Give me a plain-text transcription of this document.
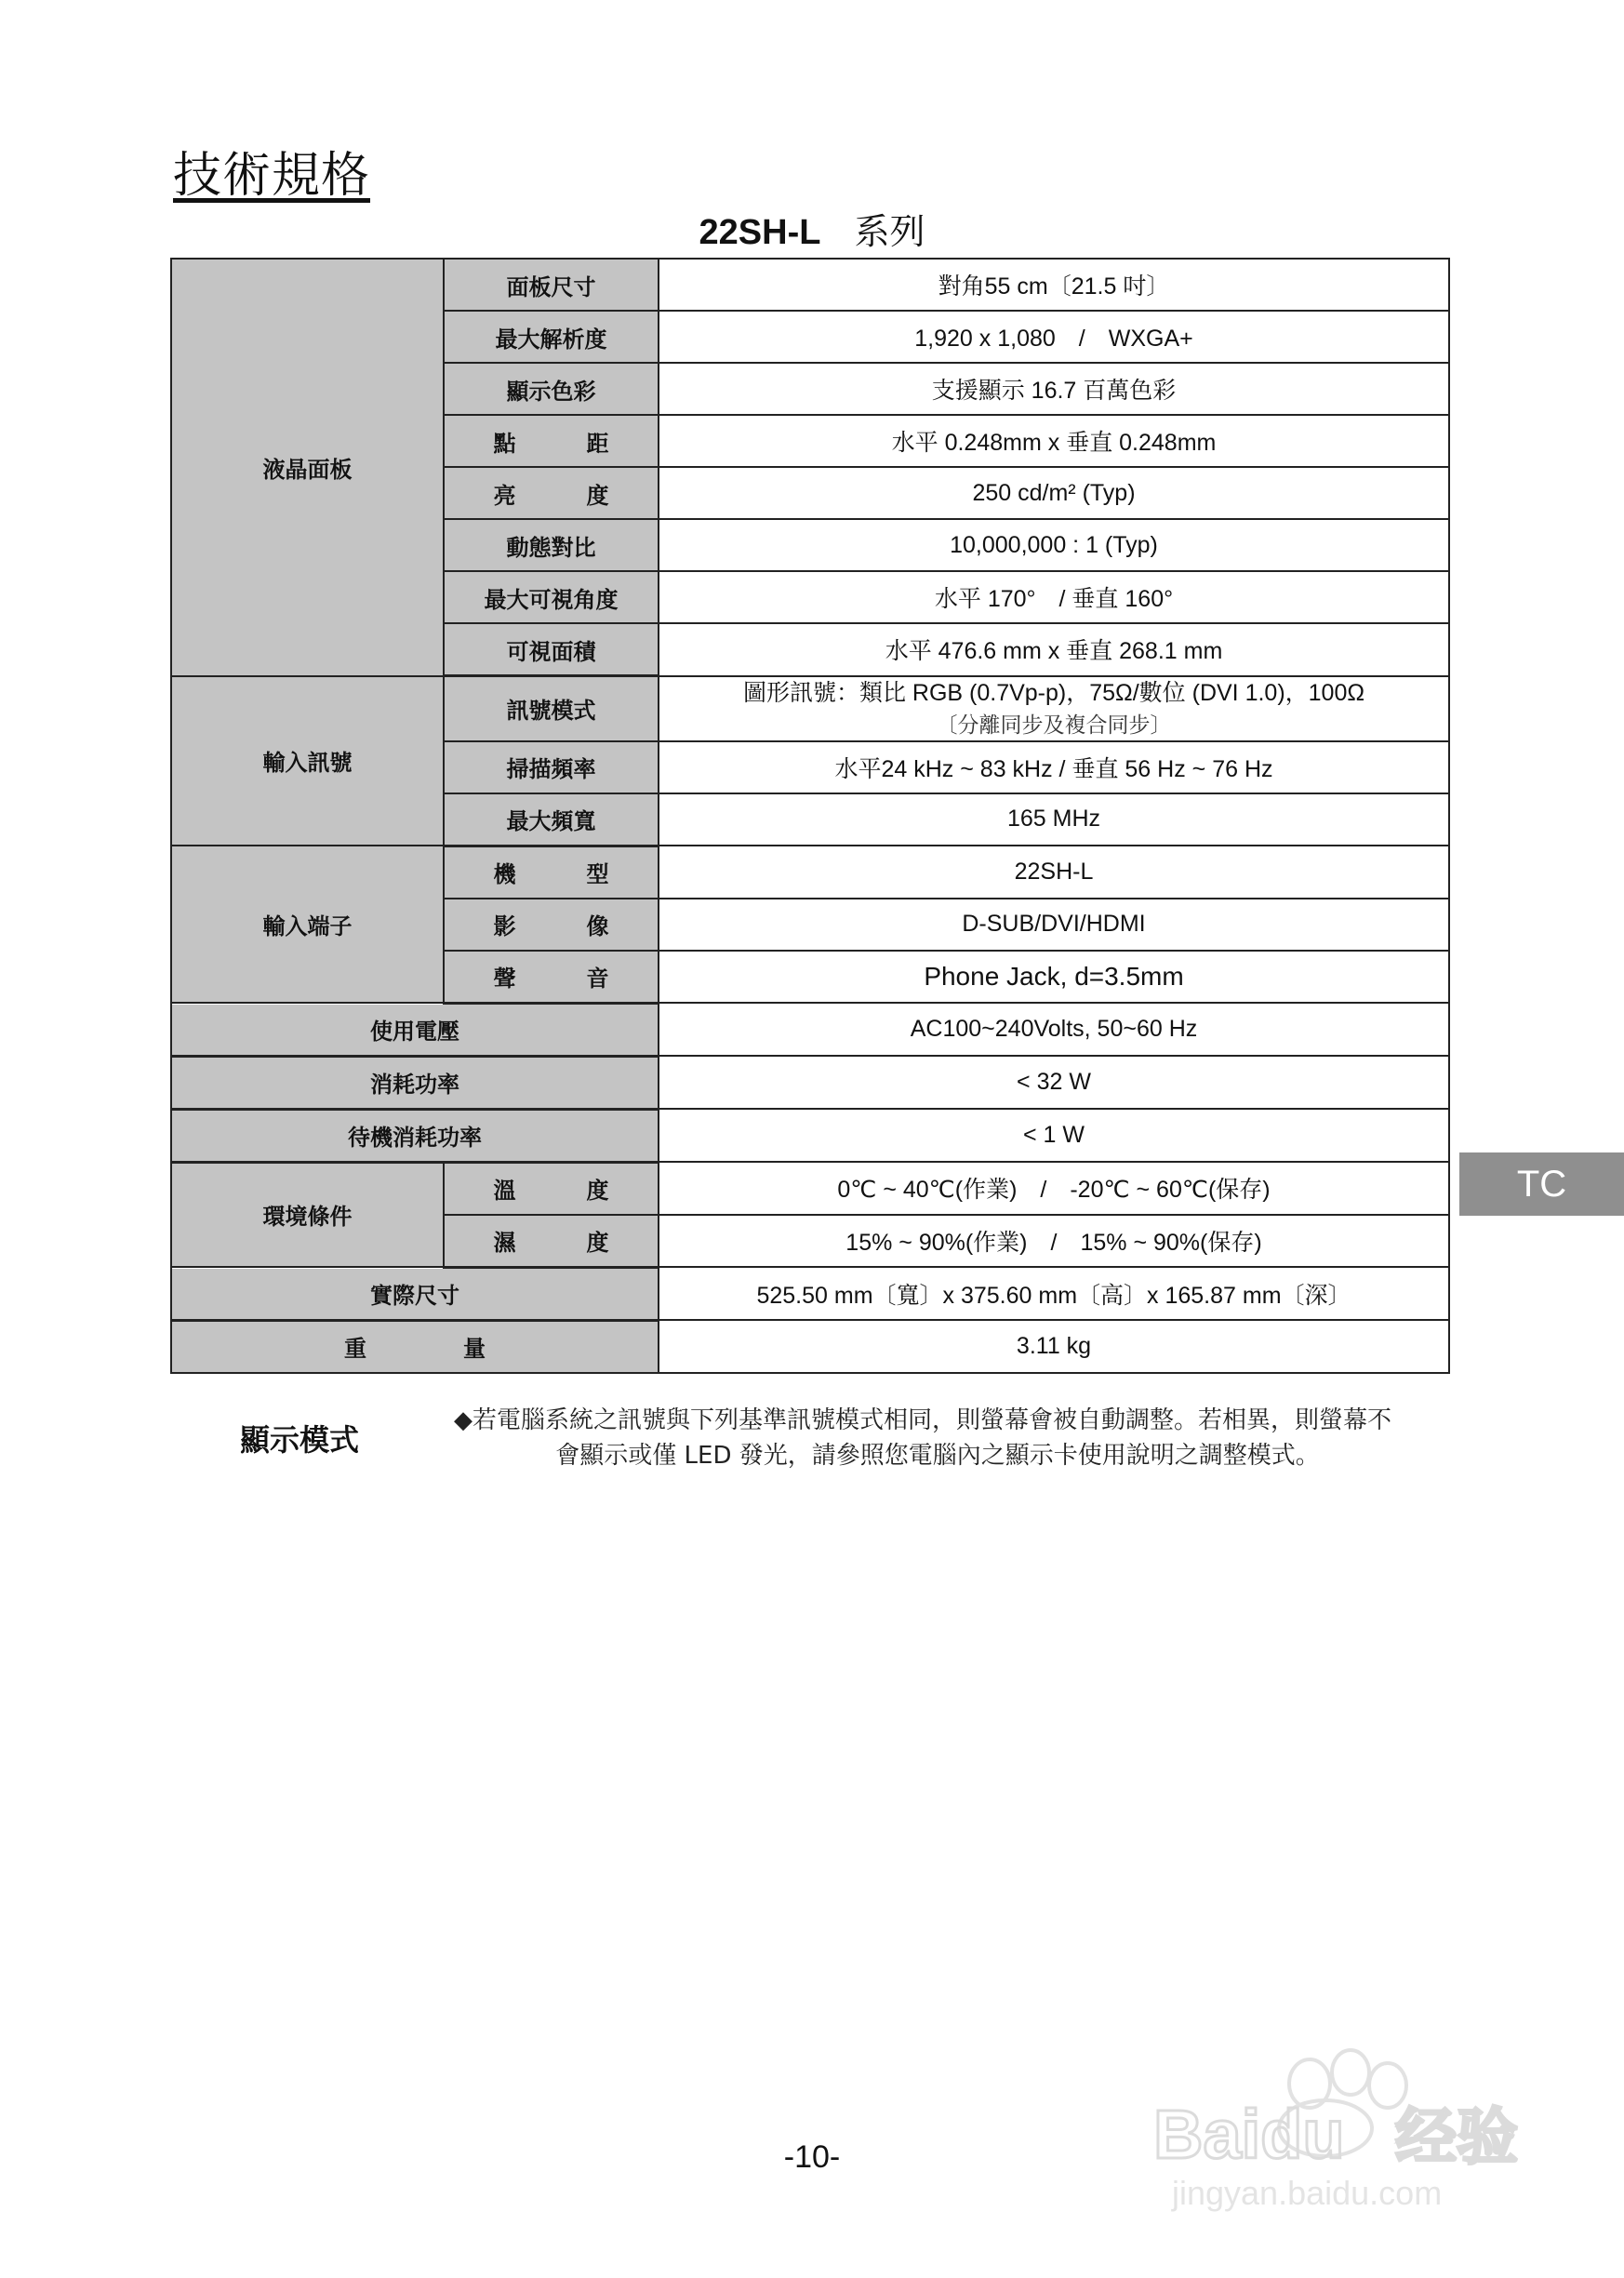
技術規格
22SH-L 系列
液晶面板	面板尺寸	對角55 cm〔21.5 吋〕
	最大解析度	1,920 x 1,080　/　WXGA+
	顯示色彩	支援顯示 16.7 百萬色彩
	點　距	水平 0.248mm x 垂直 0.248mm
	亮　度	250 cd/m² (Typ)
	動態對比	10,000,000 : 1 (Typ)
	最大可視角度	水平 170°　/ 垂直 160°
	可視面積	水平 476.6 mm x 垂直 268.1 mm
輸入訊號	訊號模式	圖形訊號：類比 RGB (0.7Vp-p)，75Ω/數位 (DVI 1.0)，100Ω
〔分離同步及複合同步〕

	掃描頻率	水平24 kHz ~ 83 kHz / 垂直 56 Hz ~ 76 Hz
	最大頻寬	165 MHz
輸入端子	機　型	22SH-L
	影　像	D-SUB/DVI/HDMI
	聲　音	Phone Jack, d=3.5mm
使用電壓		AC100~240Volts, 50~60 Hz
消耗功率		< 32 W
待機消耗功率		< 1 W
環境條件	溫　度	0℃ ~ 40℃(作業)　/　-20℃ ~ 60℃(保存)
	濕　度	15% ~ 90%(作業)　/　15% ~ 90%(保存)
實際尺寸		525.50 mm〔寬〕x 375.60 mm〔高〕x 165.87 mm〔深〕
重　量		3.11 kg
TC
顯示模式
◆若電腦系統之訊號與下列基準訊號模式相同，則螢幕會被自動調整。若相異，則螢幕不
會顯示或僅 LED 發光，請參照您電腦內之顯示卡使用說明之調整模式。
-10-	Baidu 经验
jingyan.baidu.com
